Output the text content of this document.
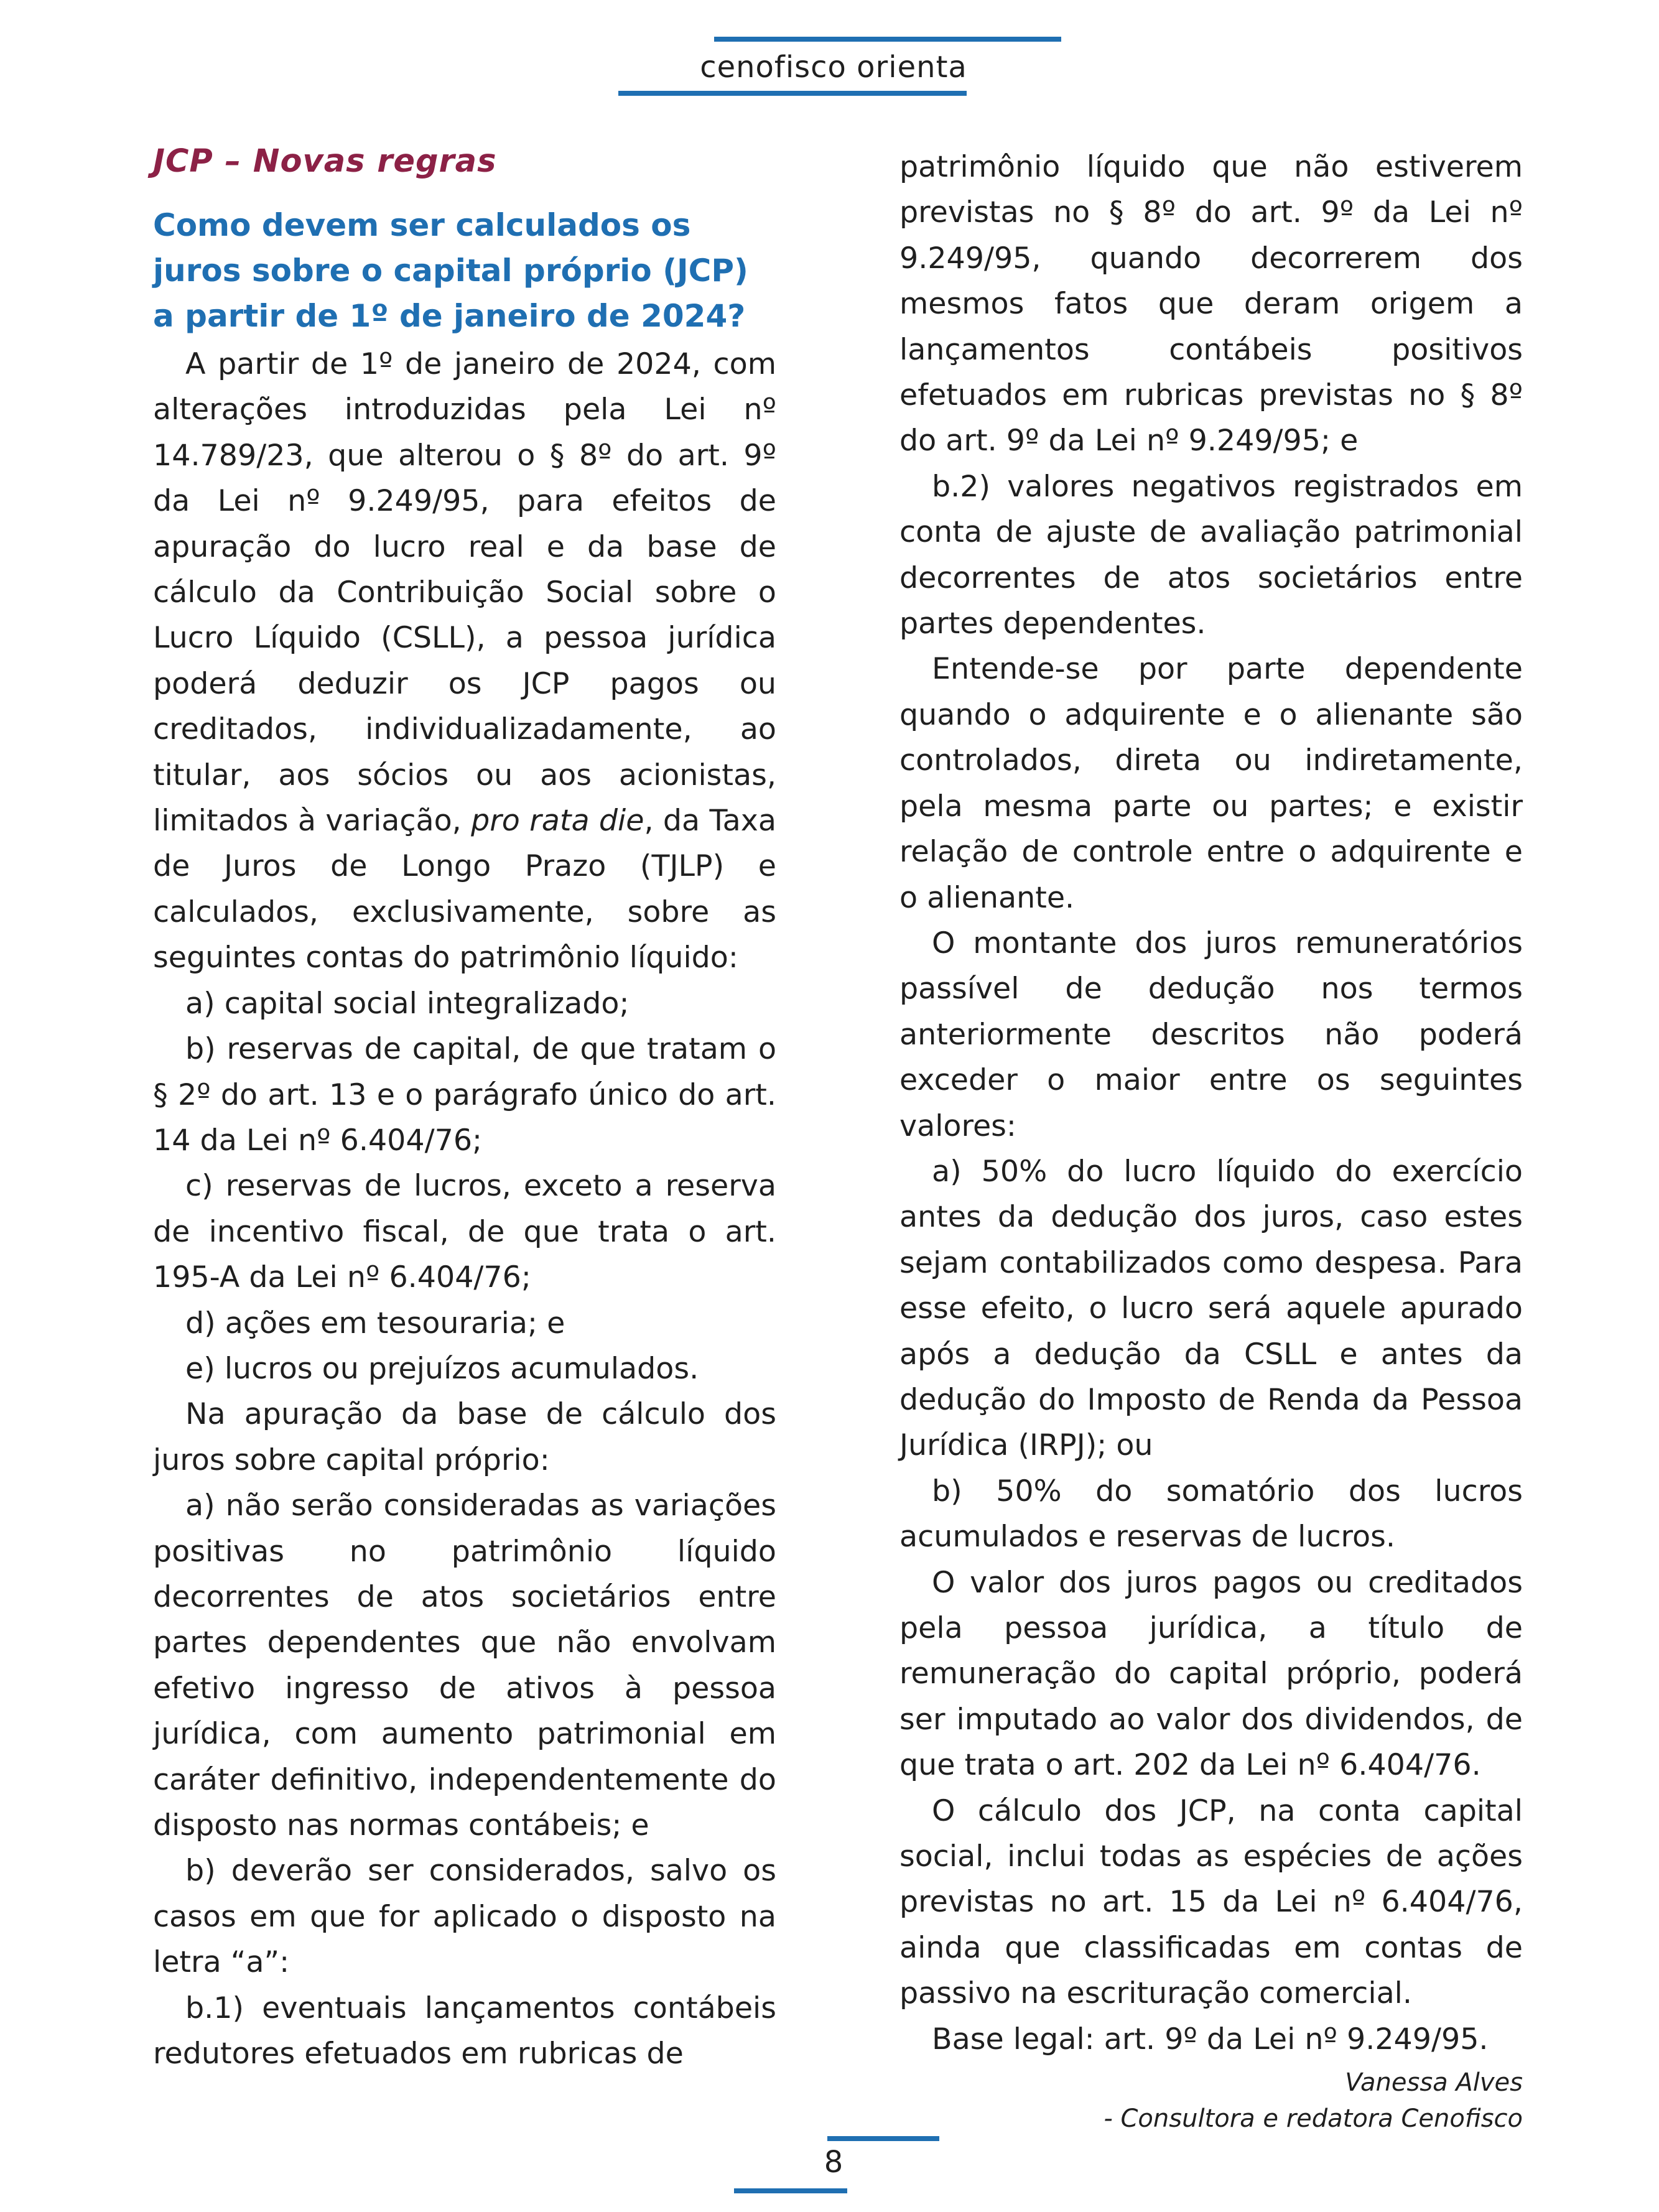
cenofisco orienta
JCP – Novas regras
Como devem ser calculados os juros sobre o capital próprio (JCP) a partir de 1º de janeiro de 2024?

A partir de 1º de janeiro de 2024, com alterações introduzidas pela Lei nº 14.789/23, que alterou o § 8º do art. 9º da Lei nº 9.249/95, para efeitos de apuração do lucro real e da base de cálculo da Contribuição Social sobre o Lucro Líquido (CSLL), a pessoa jurídica poderá deduzir os JCP pagos ou creditados, individualizadamente, ao titular, aos sócios ou aos acionistas, limitados à variação, pro rata die, da Taxa de Juros de Longo Prazo (TJLP) e calculados, exclusivamente, sobre as seguintes contas do patrimônio líquido:

a) capital social integralizado;

b) reservas de capital, de que tratam o § 2º do art. 13 e o parágrafo único do art. 14 da Lei nº 6.404/76;

c) reservas de lucros, exceto a reserva de incentivo fiscal, de que trata o art. 195-A da Lei nº 6.404/76;

d) ações em tesouraria; e

e) lucros ou prejuízos acumulados.

Na apuração da base de cálculo dos juros sobre capital próprio:

a) não serão consideradas as variações positivas no patrimônio líquido decorrentes de atos societários entre partes dependentes que não envolvam efetivo ingresso de ativos à pessoa jurídica, com aumento patrimonial em caráter definitivo, independentemente do disposto nas normas contábeis; e

b) deverão ser considerados, salvo os casos em que for aplicado o disposto na letra “a”:

b.1) eventuais lançamentos contábeis redutores efetuados em rubricas de

patrimônio líquido que não estiverem previstas no § 8º do art. 9º da Lei nº 9.249/95, quando decorrerem dos mesmos fatos que deram origem a lançamentos contábeis positivos efetuados em rubricas previstas no § 8º do art. 9º da Lei nº 9.249/95; e

b.2) valores negativos registrados em conta de ajuste de avaliação patrimonial decorrentes de atos societários entre partes dependentes.

Entende-se por parte dependente quando o adquirente e o alienante são controlados, direta ou indiretamente, pela mesma parte ou partes; e existir relação de controle entre o adquirente e o alienante.

O montante dos juros remuneratórios passível de dedução nos termos anteriormente descritos não poderá exceder o maior entre os seguintes valores:

a) 50% do lucro líquido do exercício antes da dedução dos juros, caso estes sejam contabilizados como despesa. Para esse efeito, o lucro será aquele apurado após a dedução da CSLL e antes da dedução do Imposto de Renda da Pessoa Jurídica (IRPJ); ou

b) 50% do somatório dos lucros acumulados e reservas de lucros.

O valor dos juros pagos ou creditados pela pessoa jurídica, a título de remuneração do capital próprio, poderá ser imputado ao valor dos dividendos, de que trata o art. 202 da Lei nº 6.404/76.

O cálculo dos JCP, na conta capital social, inclui todas as espécies de ações previstas no art. 15 da Lei nº 6.404/76, ainda que classificadas em contas de passivo na escrituração comercial.

Base legal: art. 9º da Lei nº 9.249/95.

Vanessa Alves
- Consultora e redatora Cenofisco
8
